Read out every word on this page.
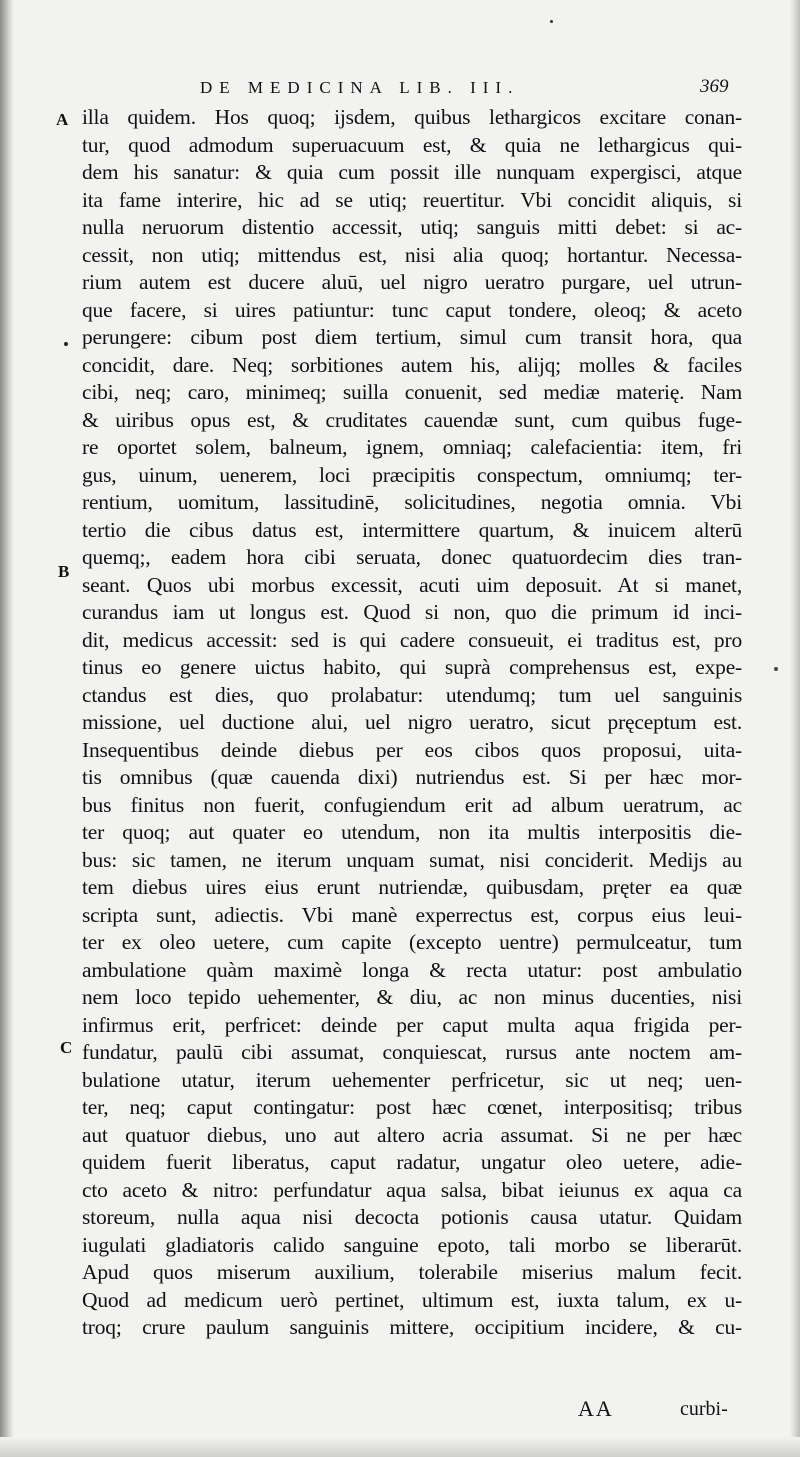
DE MEDICINA LIB. III.	369
A
B
C
illa quidem. Hos quoq; ijsdem, quibus lethargicos excitare conan-
tur, quod admodum superuacuum est, & quia ne lethargicus qui-
dem his sanatur: & quia cum possit ille nunquam expergisci, atque
ita fame interire, hic ad se utiq; reuertitur. Vbi concidit aliquis, si
nulla neruorum distentio accessit, utiq; sanguis mitti debet: si ac-
cessit, non utiq; mittendus est, nisi alia quoq; hortantur. Necessa-
rium autem est ducere aluū, uel nigro ueratro purgare, uel utrun-
que facere, si uires patiuntur: tunc caput tondere, oleoq; & aceto
perungere: cibum post diem tertium, simul cum transit hora, qua
concidit, dare. Neq; sorbitiones autem his, alijq; molles & faciles
cibi, neq; caro, minimeq; suilla conuenit, sed mediæ materię. Nam
& uiribus opus est, & cruditates cauendæ sunt, cum quibus fuge-
re oportet solem, balneum, ignem, omniaq; calefacientia: item, fri
gus, uinum, uenerem, loci præcipitis conspectum, omniumq; ter-
rentium, uomitum, lassitudinē, solicitudines, negotia omnia. Vbi
tertio die cibus datus est, intermittere quartum, & inuicem alterū
quemq;, eadem hora cibi seruata, donec quatuordecim dies tran-
seant. Quos ubi morbus excessit, acuti uim deposuit. At si manet,
curandus iam ut longus est. Quod si non, quo die primum id inci-
dit, medicus accessit: sed is qui cadere consueuit, ei traditus est, pro
tinus eo genere uictus habito, qui suprà comprehensus est, expe-
ctandus est dies, quo prolabatur: utendumq; tum uel sanguinis
missione, uel ductione alui, uel nigro ueratro, sicut pręceptum est.
Insequentibus deinde diebus per eos cibos quos proposui, uita-
tis omnibus (quæ cauenda dixi) nutriendus est. Si per hæc mor-
bus finitus non fuerit, confugiendum erit ad album ueratrum, ac
ter quoq; aut quater eo utendum, non ita multis interpositis die-
bus: sic tamen, ne iterum unquam sumat, nisi conciderit. Medijs au
tem diebus uires eius erunt nutriendæ, quibusdam, pręter ea quæ
scripta sunt, adiectis. Vbi manè experrectus est, corpus eius leui-
ter ex oleo uetere, cum capite (excepto uentre) permulceatur, tum
ambulatione quàm maximè longa & recta utatur: post ambulatio
nem loco tepido uehementer, & diu, ac non minus ducenties, nisi
infirmus erit, perfricet: deinde per caput multa aqua frigida per-
fundatur, paulū cibi assumat, conquiescat, rursus ante noctem am-
bulatione utatur, iterum uehementer perfricetur, sic ut neq; uen-
ter, neq; caput contingatur: post hæc cœnet, interpositisq; tribus
aut quatuor diebus, uno aut altero acria assumat. Si ne per hæc
quidem fuerit liberatus, caput radatur, ungatur oleo uetere, adie-
cto aceto & nitro: perfundatur aqua salsa, bibat ieiunus ex aqua ca
storeum, nulla aqua nisi decocta potionis causa utatur. Quidam
iugulati gladiatoris calido sanguine epoto, tali morbo se liberarūt.
Apud quos miserum auxilium, tolerabile miserius malum fecit.
Quod ad medicum uerò pertinet, ultimum est, iuxta talum, ex u-
troq; crure paulum sanguinis mittere, occipitium incidere, & cu-
AA	curbi-
